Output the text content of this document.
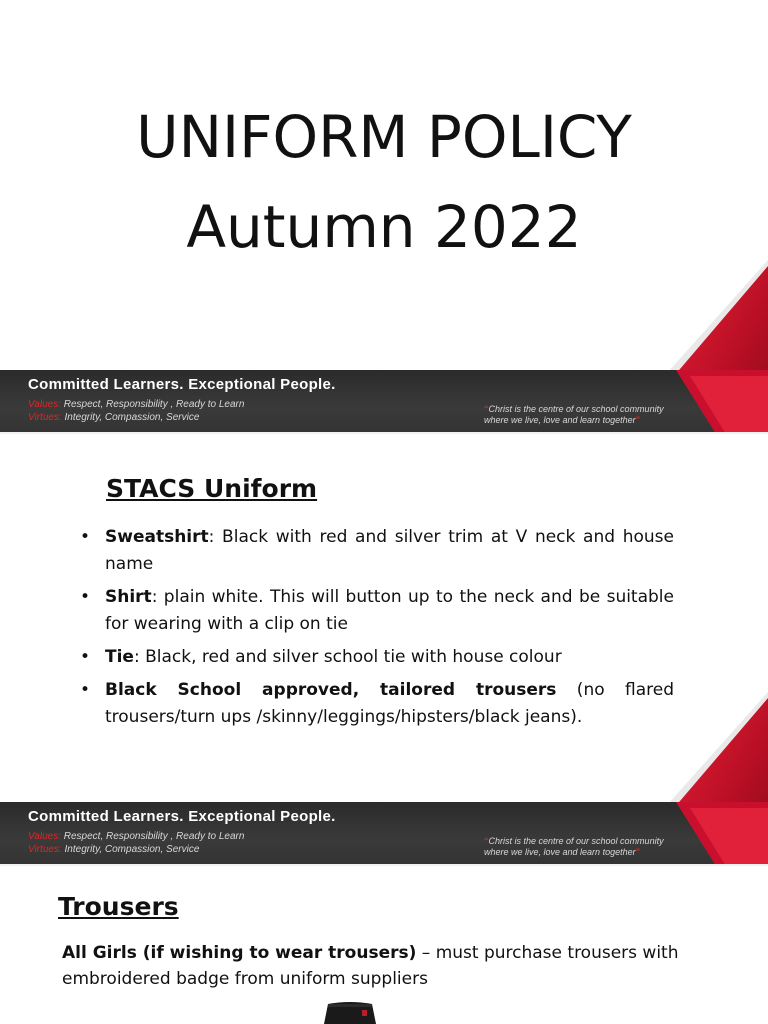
UNIFORM POLICY
Autumn 2022
Committed Learners. Exceptional People.
Values: Respect, Responsibility , Ready to Learn
Virtues: Integrity, Compassion, Service
“Christ is the centre of our school community
where we live, love and learn together”
STACS Uniform
• Sweatshirt: Black with red and silver trim at V neck and house name
• Shirt: plain white. This will button up to the neck and be suitable for wearing with a clip on tie
• Tie: Black, red and silver school tie with house colour
• Black School approved, tailored trousers (no flared trousers/turn ups /skinny/leggings/hipsters/black jeans).
Committed Learners. Exceptional People.
Values: Respect, Responsibility , Ready to Learn
Virtues: Integrity, Compassion, Service
“Christ is the centre of our school community
where we live, love and learn together”
Trousers
All Girls (if wishing to wear trousers) – must purchase trousers with embroidered badge from uniform suppliers
